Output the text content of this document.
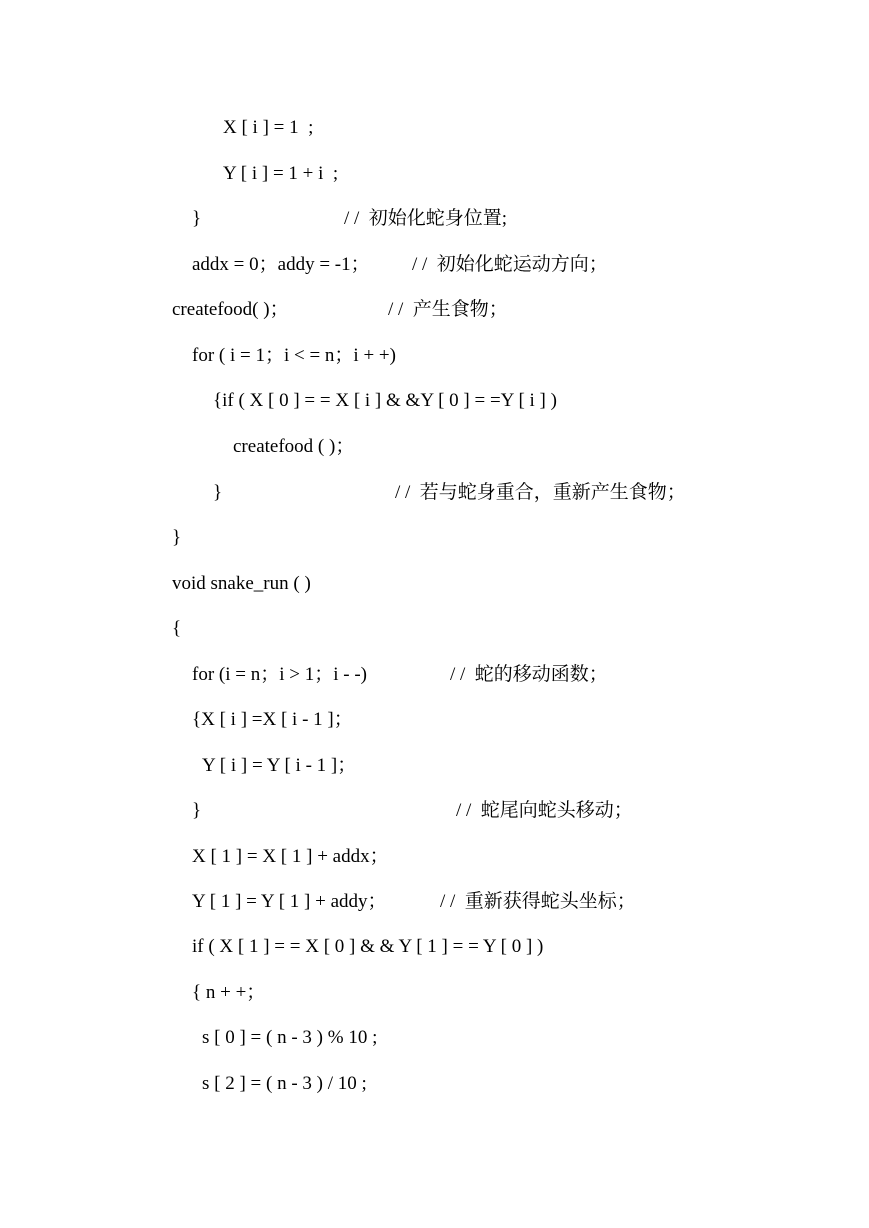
X [ i ] = 1  ;

Y [ i ] = 1 + i  ;

}

	/ /  初始化蛇身位置;

addx = 0；addy = -1；

/ /  初始化蛇运动方向；

createfood( )；

	/ /  产生食物；

for ( i = 1；i < = n；i + +)

{if ( X [ 0 ] = = X [ i ] & &Y [ 0 ] = =Y [ i ] )

createfood ( )；

}

	/ /  若与蛇身重合，重新产生食物；

}

void snake_run ( )

{

for (i = n；i > 1；i - -)

	/ /  蛇的移动函数；

{X [ i ] =X [ i - 1 ]；

Y [ i ] = Y [ i - 1 ]；

}

	/ /  蛇尾向蛇头移动；

X [ 1 ] = X [ 1 ] + addx；

Y [ 1 ] = Y [ 1 ] + addy；

	/ /  重新获得蛇头坐标；

if ( X [ 1 ] = = X [ 0 ] & & Y [ 1 ] = = Y [ 0 ] )

{ n + +；

s [ 0 ] = ( n - 3 ) % 10 ;

s [ 2 ] = ( n - 3 ) / 10 ;
